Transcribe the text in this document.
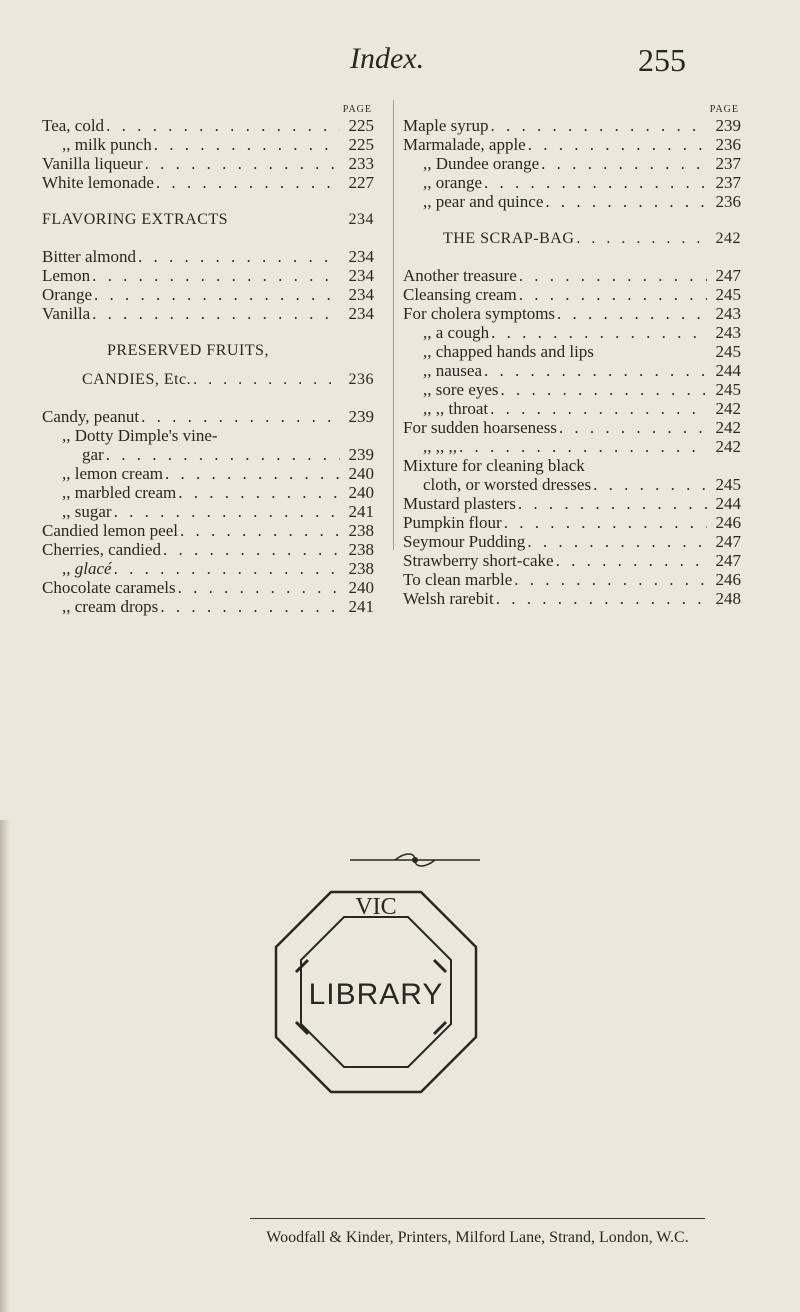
Index.	255
PAGE
Tea, cold . . .	225
,, milk punch . . .	225
Vanilla liqueur . . .	233
White lemonade . . .	227
FLAVORING EXTRACTS	234
Bitter almond . . .	234
Lemon . . .	234
Orange . . .	234
Vanilla . . .	234
PRESERVED FRUITS,
CANDIES, Etc. . . .	236
Candy, peanut . . .	239
,, Dotty Dimple's vine-
gar . . .	239
,, lemon cream . . .	240
,, marbled cream . . .	240
,, sugar . . .	241
Candied lemon peel . . .	238
Cherries, candied . . .	238
,, glacé . . .	238
Chocolate caramels . . .	240
,, cream drops . . .	241
PAGE
Maple syrup . . .	239
Marmalade, apple . . .	236
,, Dundee orange . . .	237
,, orange . . .	237
,, pear and quince . . .	236
THE SCRAP-BAG . . .	242
Another treasure . . .	247
Cleansing cream . . .	245
For cholera symptoms . . .	243
,, a cough . . .	243
,, chapped hands and lips	245
,, nausea . . .	244
,, sore eyes . . .	245
,, ,, throat . . .	242
For sudden hoarseness . . .	242
,, ,, ,, . . .	242
Mixture for cleaning black
cloth, or worsted dresses . . .	245
Mustard plasters . . .	244
Pumpkin flour . . .	246
Seymour Pudding . . .	247
Strawberry short-cake . . .	247
To clean marble . . .	246
Welsh rarebit . . .	248
VIC
LIBRARY
Woodfall & Kinder, Printers, Milford Lane, Strand, London, W.C.
